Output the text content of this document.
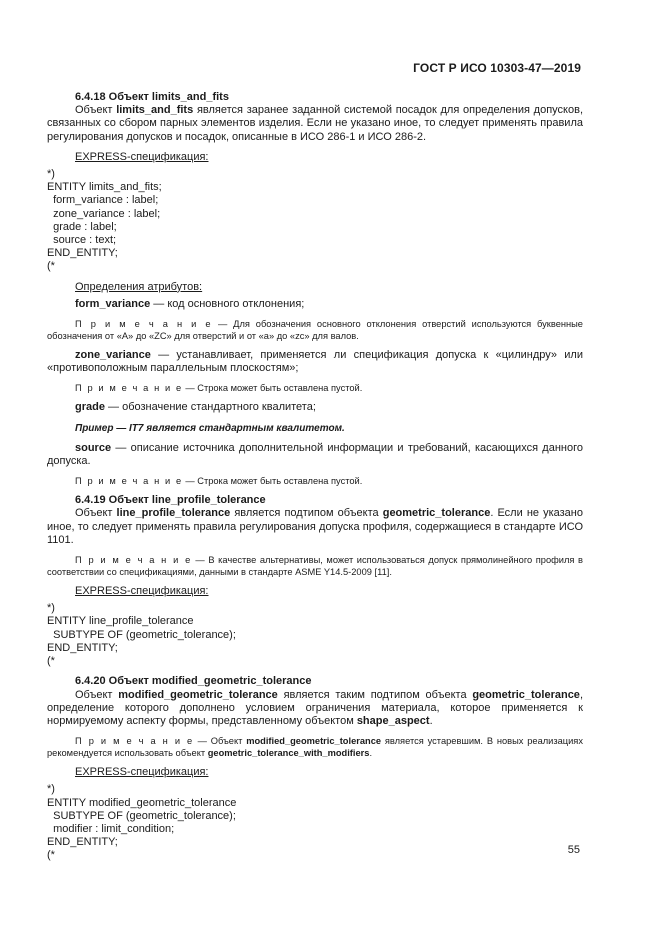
ГОСТ Р ИСО 10303-47—2019

6.4.18 Объект limits_and_fits

Объект limits_and_fits является заранее заданной системой посадок для определения допусков, связанных со сбором парных элементов изделия. Если не указано иное, то следует применять правила регулирования допусков и посадок, описанные в ИСО 286-1 и ИСО 286-2.

EXPRESS-спецификация:

*)

ENTITY limits_and_fits;

form_variance : label;

zone_variance : label;

grade : label;

source : text;

END_ENTITY;

(*

Определения атрибутов:

form_variance — код основного отклонения;

П р и м е ч а н и е — Для обозначения основного отклонения отверстий используются буквенные обозначения от «A» до «ZC» для отверстий и от «a» до «zc» для валов.

zone_variance — устанавливает, применяется ли спецификация допуска к «цилиндру» или «противоположным параллельным плоскостям»;

П р и м е ч а н и е — Строка может быть оставлена пустой.

grade — обозначение стандартного квалитета;

Пример — IT7 является стандартным квалитетом.

source — описание источника дополнительной информации и требований, касающихся данного допуска.

П р и м е ч а н и е — Строка может быть оставлена пустой.

6.4.19 Объект line_profile_tolerance

Объект line_profile_tolerance является подтипом объекта geometric_tolerance. Если не указано иное, то следует применять правила регулирования допуска профиля, содержащиеся в стандарте ИСО 1101.

П р и м е ч а н и е — В качестве альтернативы, может использоваться допуск прямолинейного профиля в соответствии со спецификациями, данными в стандарте ASME Y14.5-2009 [11].

EXPRESS-спецификация:

*)

ENTITY line_profile_tolerance

SUBTYPE OF (geometric_tolerance);

END_ENTITY;

(*

6.4.20 Объект modified_geometric_tolerance

Объект modified_geometric_tolerance является таким подтипом объекта geometric_tolerance, определение которого дополнено условием ограничения материала, которое применяется к нормируемому аспекту формы, представленному объектом shape_aspect.

П р и м е ч а н и е — Объект modified_geometric_tolerance является устаревшим. В новых реализациях рекомендуется использовать объект geometric_tolerance_with_modifiers.

EXPRESS-спецификация:

*)

ENTITY modified_geometric_tolerance

SUBTYPE OF (geometric_tolerance);

modifier : limit_condition;

END_ENTITY;

(*	55
